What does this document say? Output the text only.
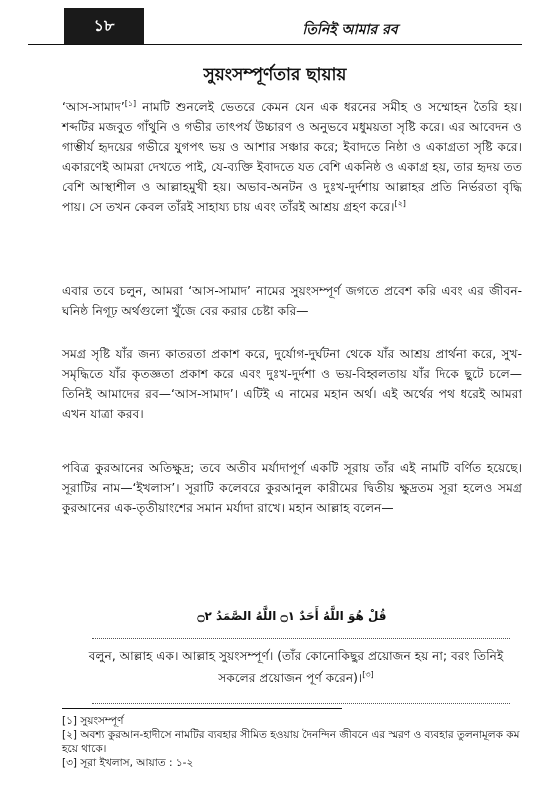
১৮	তিনিই আমার রব
সুয়ংসম্পূর্ণতার ছায়ায়

‘আস-সামাদ’[১] নামটি শুনলেই ভেতরে কেমন যেন এক ধরনের সমীহ ও সম্মোহন তৈরি হয়। শব্দটির মজবুত গাঁথুনি ও গভীর তাৎপর্য উচ্চারণ ও অনুভবে মধুময়তা সৃষ্টি করে। এর আবেদন ও গাম্ভীর্য হৃদয়ের গভীরে যুগপৎ ভয় ও আশার সঞ্চার করে; ইবাদতে নিষ্ঠা ও একাগ্রতা সৃষ্টি করে। একারণেই আমরা দেখতে পাই, যে-ব্যক্তি ইবাদতে যত বেশি একনিষ্ঠ ও একাগ্র হয়, তার হৃদয় তত বেশি আস্থাশীল ও আল্লাহমুখী হয়। অভাব-অনটন ও দুঃখ-দুর্দশায় আল্লাহর প্রতি নির্ভরতা বৃদ্ধি পায়। সে তখন কেবল তাঁরই সাহায্য চায় এবং তাঁরই আশ্রয় গ্রহণ করে।[২]

এবার তবে চলুন, আমরা ‘আস-সামাদ’ নামের সুয়ংসম্পূর্ণ জগতে প্রবেশ করি এবং এর জীবন-ঘনিষ্ঠ নিগূঢ় অর্থগুলো খুঁজে বের করার চেষ্টা করি—

সমগ্র সৃষ্টি যাঁর জন্য কাতরতা প্রকাশ করে, দুর্যোগ-দুর্ঘটনা থেকে যাঁর আশ্রয় প্রার্থনা করে, সুখ-সমৃদ্ধিতে যাঁর কৃতজ্ঞতা প্রকাশ করে এবং দুঃখ-দুর্দশা ও ভয়-বিহ্বলতায় যাঁর দিকে ছুটে চলে—তিনিই আমাদের রব—‘আস-সামাদ’। এটিই এ নামের মহান অর্থ। এই অর্থের পথ ধরেই আমরা এখন যাত্রা করব।

পবিত্র কুরআনের অতিক্ষুদ্র; তবে অতীব মর্যাদাপূর্ণ একটি সূরায় তাঁর এই নামটি বর্ণিত হয়েছে। সূরাটির নাম—‘ইখলাস’। সূরাটি কলেবরে কুরআনুল কারীমের দ্বিতীয় ক্ষুদ্রতম সূরা হলেও সমগ্র কুরআনের এক-তৃতীয়াংশের সমান মর্যাদা রাখে। মহান আল্লাহ বলেন—

قُلْ هُوَ اللَّهُ أَحَدٌ ۝١ اللَّهُ الصَّمَدُ ۝٢

বলুন, আল্লাহ এক। আল্লাহ সুয়ংসম্পূর্ণ। (তাঁর কোনোকিছুর প্রয়োজন হয় না; বরং তিনিই সকলের প্রয়োজন পূর্ণ করেন)।[৩]

[১] সুয়ংসম্পূর্ণ
[২] অবশ্য কুরআন-হাদীসে নামটির ব্যবহার সীমিত হওয়ায় দৈনন্দিন জীবনে এর স্মরণ ও ব্যবহার তুলনামূলক কম হয়ে থাকে।
[৩] সূরা ইখলাস, আয়াত : ১-২
